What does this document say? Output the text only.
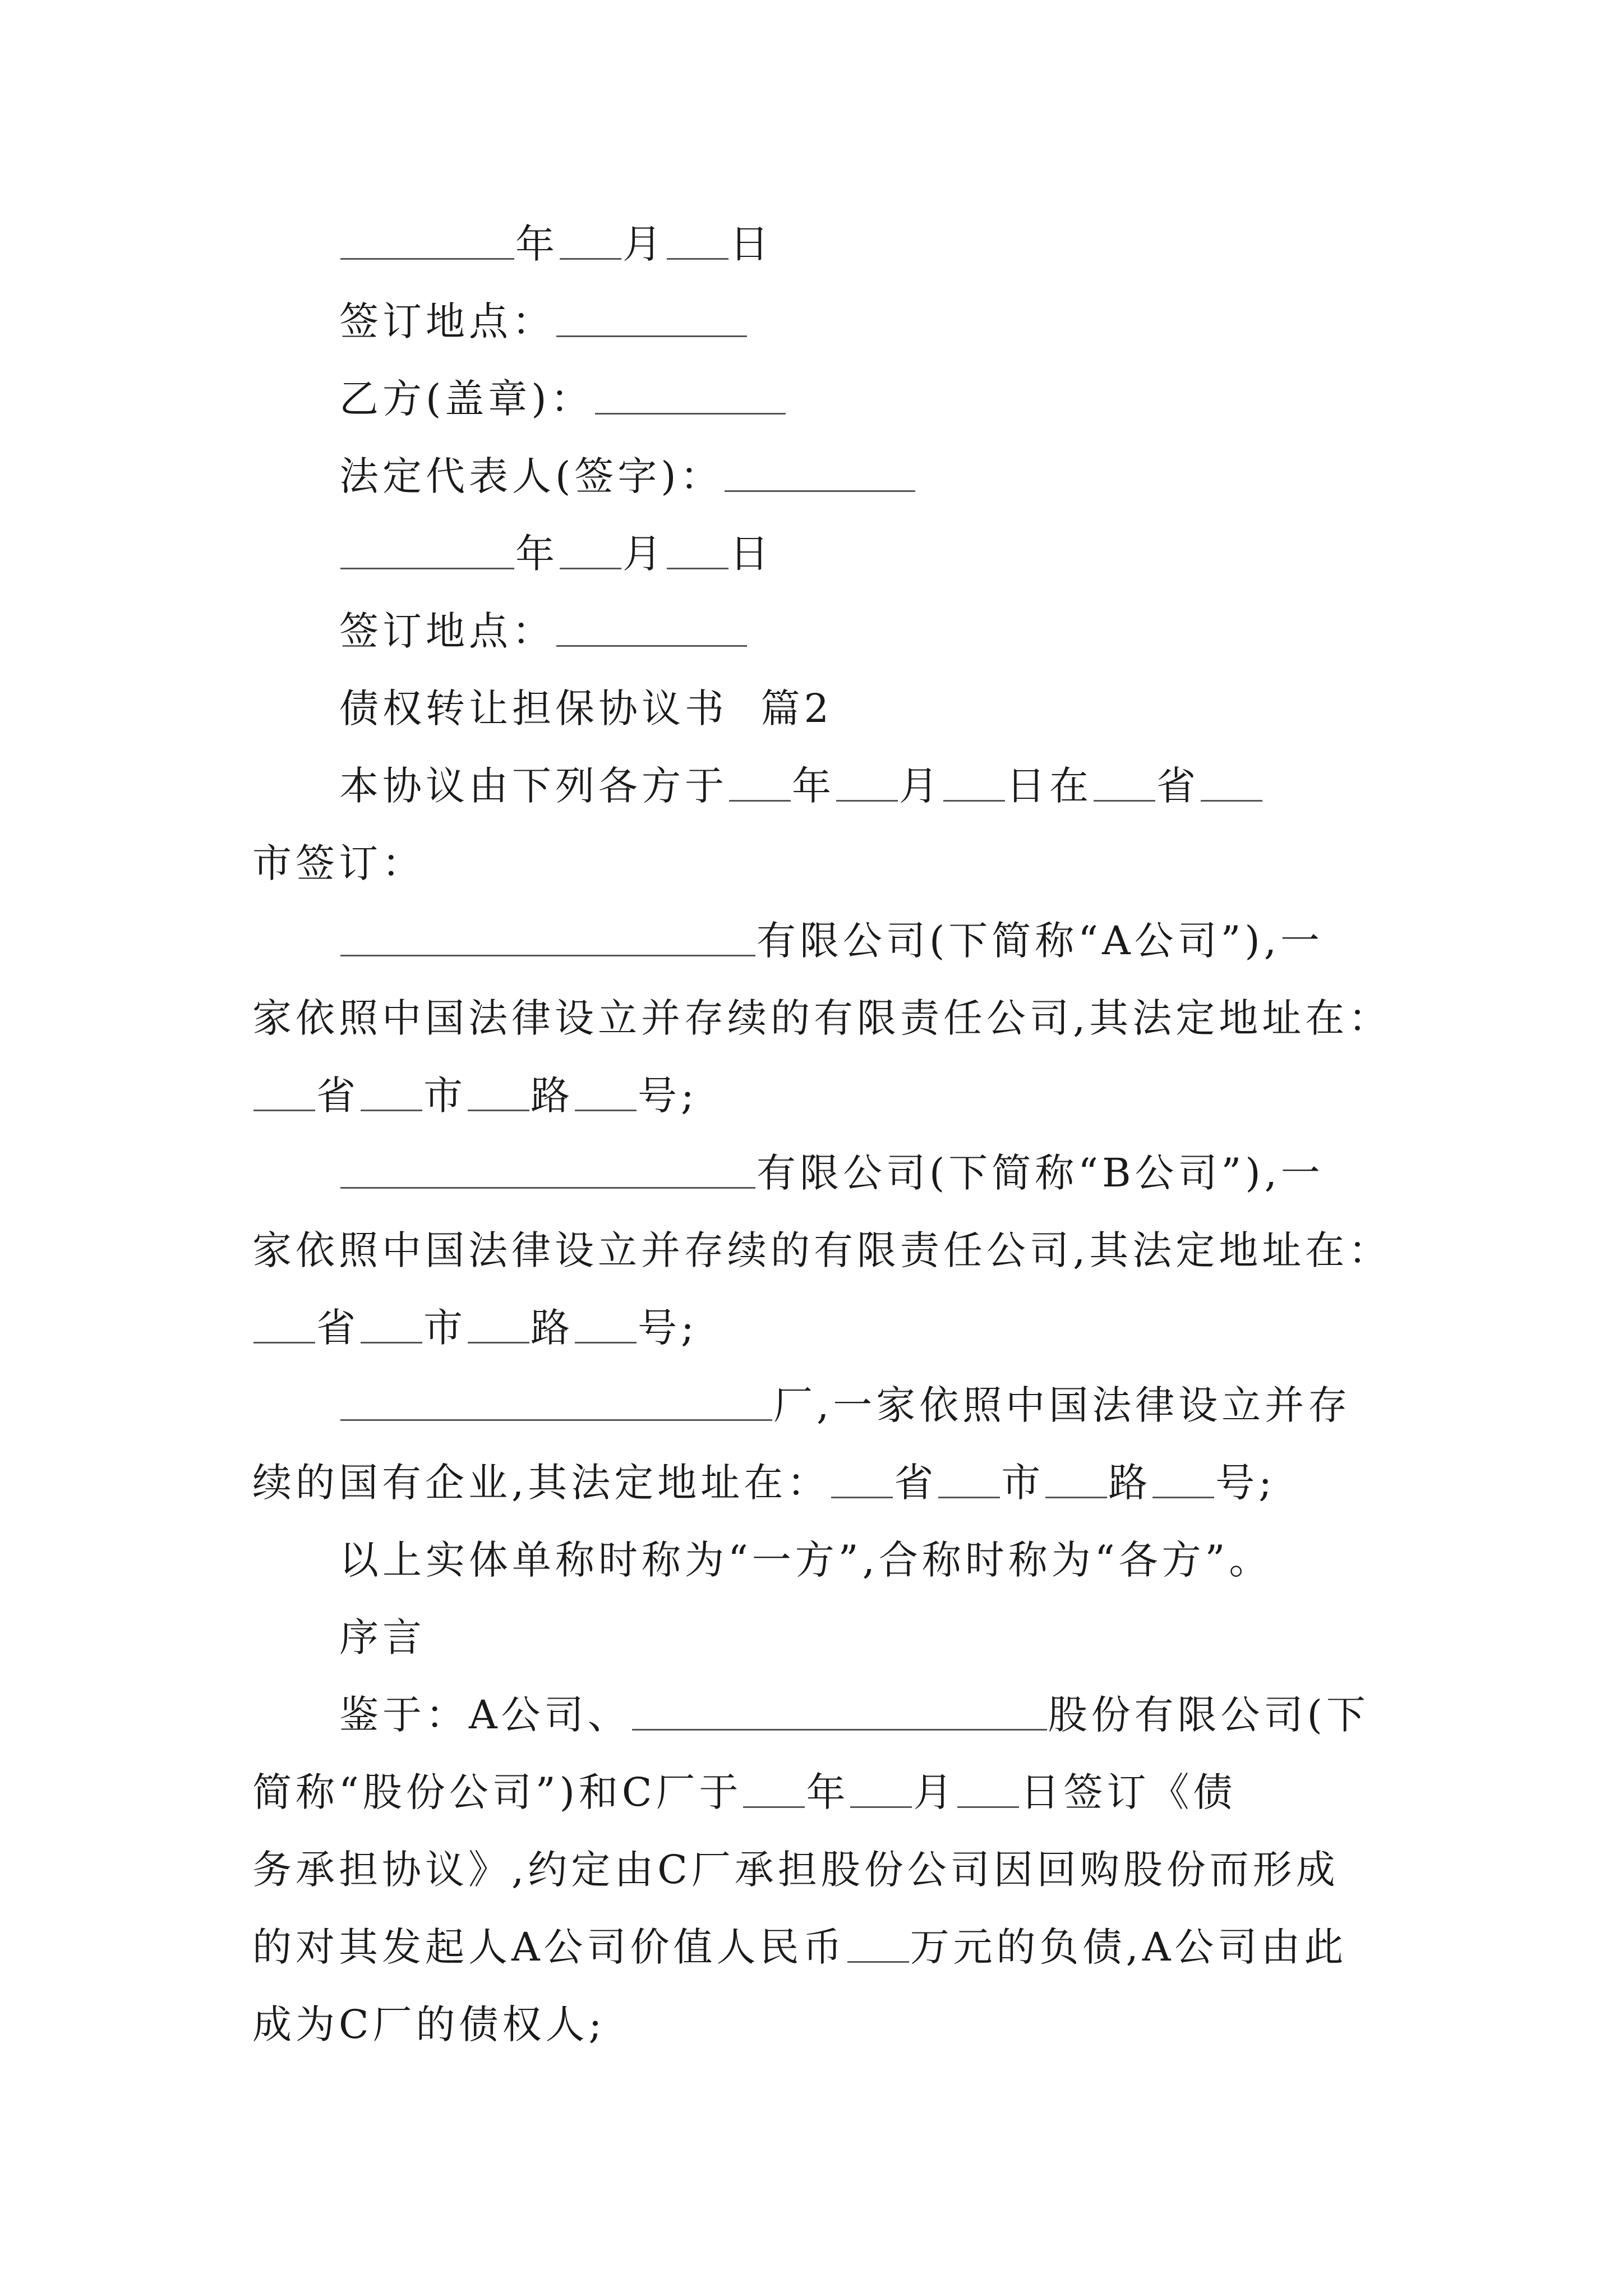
年 月 日
签订地点：
乙方(盖章)：
法定代表人(签字)：
年 月 日
签订地点：
债权转让担保协议书  篇2
本协议由下列各方于 年 月 日在 省
市签订：
有限公司(下简称“A公司”),一
家依照中国法律设立并存续的有限责任公司,其法定地址在：
省 市 路 号;
有限公司(下简称“B公司”),一
家依照中国法律设立并存续的有限责任公司,其法定地址在：
省 市 路 号;
厂,一家依照中国法律设立并存
续的国有企业,其法定地址在： 省 市 路 号;
以上实体单称时称为“一方”,合称时称为“各方”。
序言
鉴于：A公司、	股份有限公司(下
简称“股份公司”)和C厂于 年 月 日签订《债
务承担协议》,约定由C厂承担股份公司因回购股份而形成
的对其发起人A公司价值人民币 万元的负债,A公司由此
成为C厂的债权人;
